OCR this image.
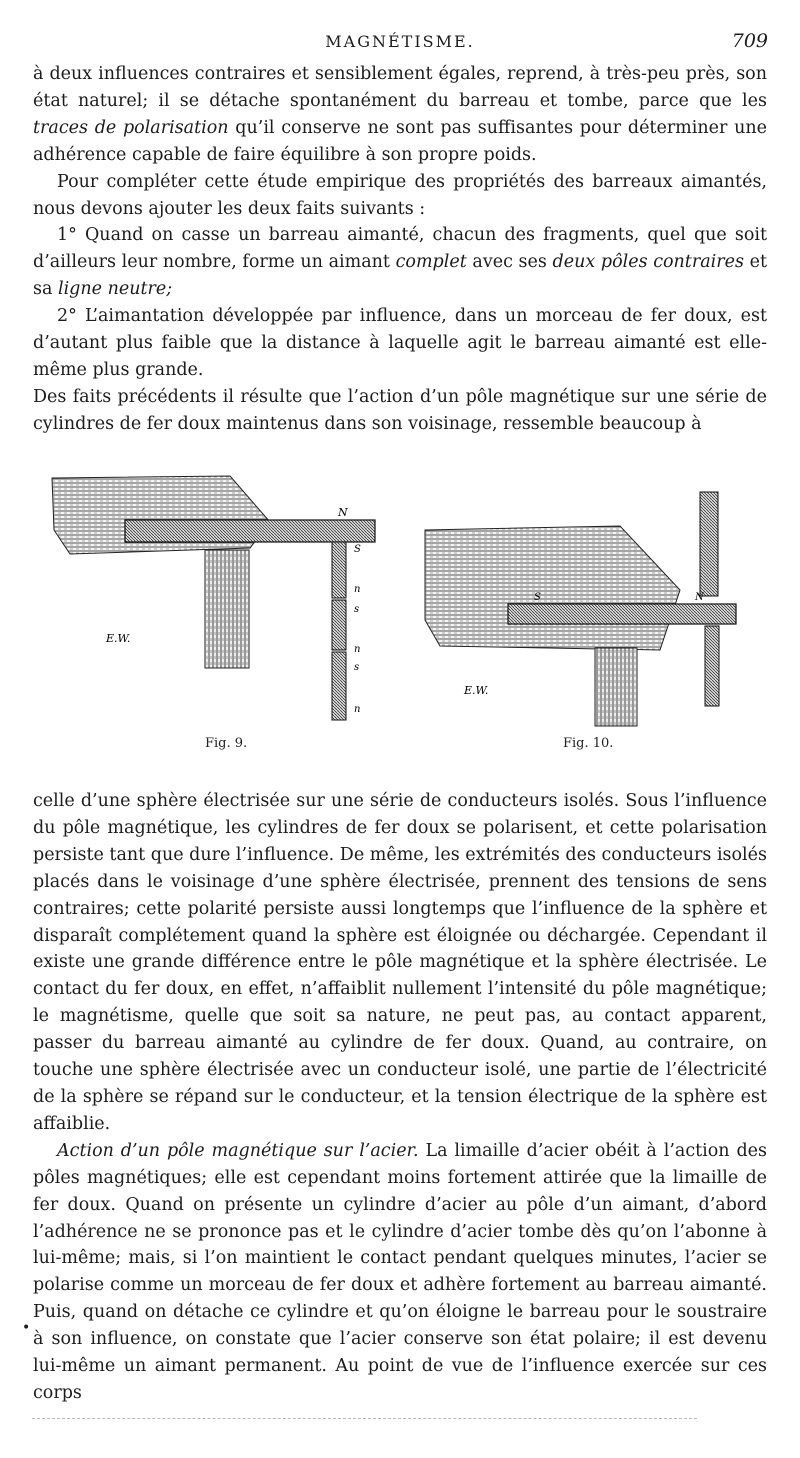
MAGNÉTISME.	709

à deux influences contraires et sensiblement égales, reprend, à très-peu près, son état naturel; il se détache spontanément du barreau et tombe, parce que les traces de polarisation qu’il conserve ne sont pas suffisantes pour déterminer une adhérence capable de faire équilibre à son propre poids.

Pour compléter cette étude empirique des propriétés des barreaux aimantés, nous devons ajouter les deux faits suivants :

1° Quand on casse un barreau aimanté, chacun des fragments, quel que soit d’ailleurs leur nombre, forme un aimant complet avec ses deux pôles contraires et sa ligne neutre;

2° L’aimantation développée par influence, dans un morceau de fer doux, est d’autant plus faible que la distance à laquelle agit le barreau aimanté est elle-même plus grande.

Des faits précédents il résulte que l’action d’un pôle magnétique sur une série de cylindres de fer doux maintenus dans son voisinage, ressemble beaucoup à

N
S
n
s
n
s
n
E.W.
S	N
E.W.
Fig. 9.	Fig. 10.

celle d’une sphère électrisée sur une série de conducteurs isolés. Sous l’influence du pôle magnétique, les cylindres de fer doux se polarisent, et cette polarisation persiste tant que dure l’influence. De même, les extrémités des conducteurs isolés placés dans le voisinage d’une sphère électrisée, prennent des tensions de sens contraires; cette polarité persiste aussi longtemps que l’influence de la sphère et disparaît complétement quand la sphère est éloignée ou déchargée. Cependant il existe une grande différence entre le pôle magnétique et la sphère électrisée. Le contact du fer doux, en effet, n’affaiblit nullement l’intensité du pôle magnétique; le magnétisme, quelle que soit sa nature, ne peut pas, au contact apparent, passer du barreau aimanté au cylindre de fer doux. Quand, au contraire, on touche une sphère électrisée avec un conducteur isolé, une partie de l’électricité de la sphère se répand sur le conducteur, et la tension électrique de la sphère est affaiblie.

Action d’un pôle magnétique sur l’acier. La limaille d’acier obéit à l’action des pôles magnétiques; elle est cependant moins fortement attirée que la limaille de fer doux. Quand on présente un cylindre d’acier au pôle d’un aimant, d’abord l’adhérence ne se prononce pas et le cylindre d’acier tombe dès qu’on l’abonne à lui-même; mais, si l’on maintient le contact pendant quelques minutes, l’acier se polarise comme un morceau de fer doux et adhère fortement au barreau aimanté. Puis, quand on détache ce cylindre et qu’on éloigne le barreau pour le soustraire à son influence, on constate que l’acier conserve son état polaire; il est devenu lui-même un aimant permanent. Au point de vue de l’influence exercée sur ces corps

•
